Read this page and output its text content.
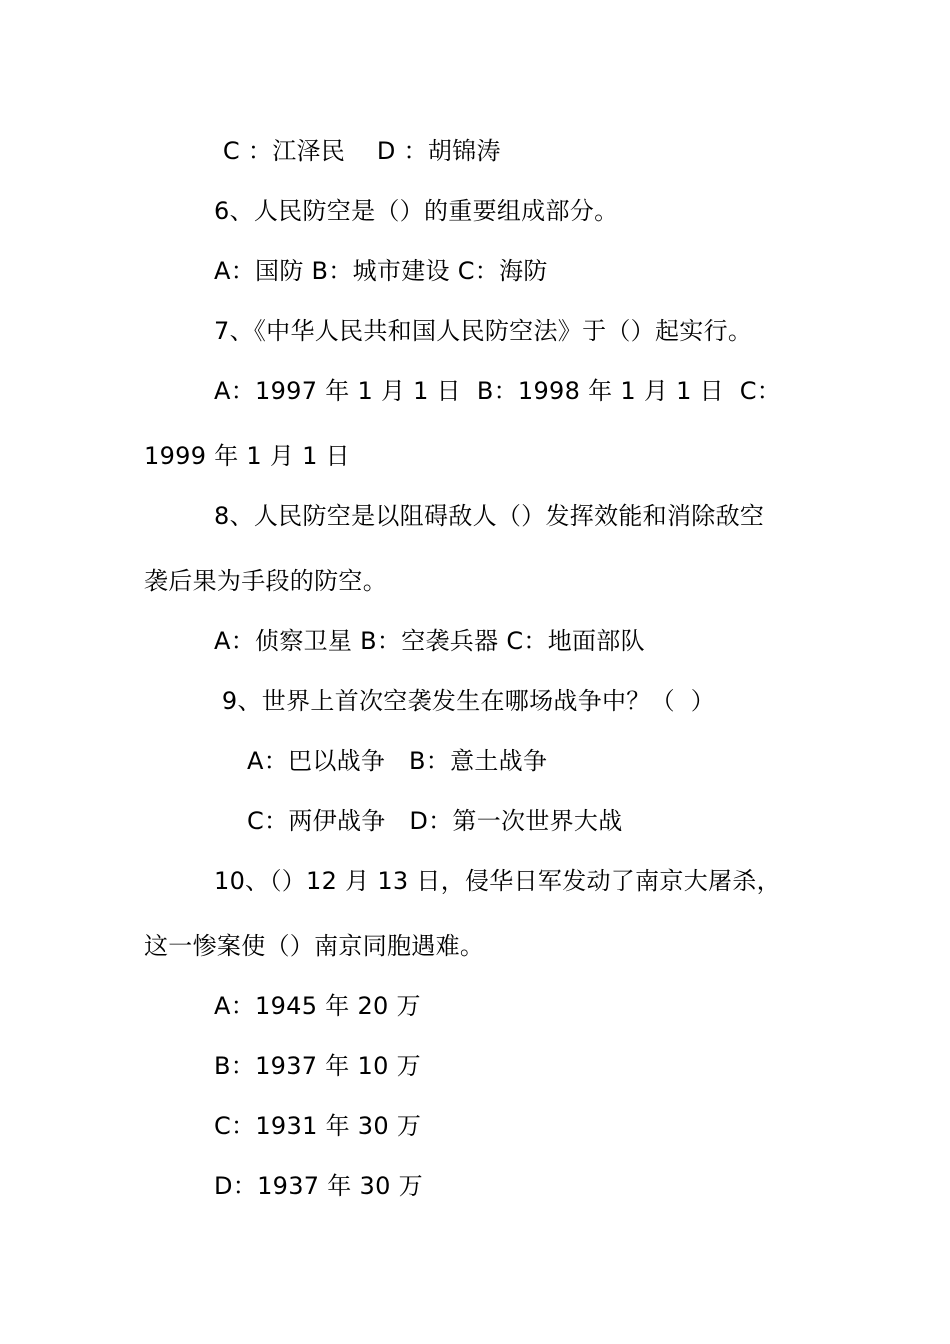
C ：江泽民    D ：胡锦涛
6、人民防空是（）的重要组成部分。
A：国防 B：城市建设 C：海防
7、《中华人民共和国人民防空法》于（）起实行。
A：1997 年 1 月 1 日  B：1998 年 1 月 1 日  C：
1999 年 1 月 1 日
8、人民防空是以阻碍敌人（）发挥效能和消除敌空
袭后果为手段的防空。
A：侦察卫星 B：空袭兵器 C：地面部队
9、世界上首次空袭发生在哪场战争中？（  ）
A：巴以战争   B：意土战争
C：两伊战争   D：第一次世界大战
10、（）12 月 13 日，侵华日军发动了南京大屠杀，
这一惨案使（）南京同胞遇难。
A：1945 年 20 万
B：1937 年 10 万
C：1931 年 30 万
D：1937 年 30 万
